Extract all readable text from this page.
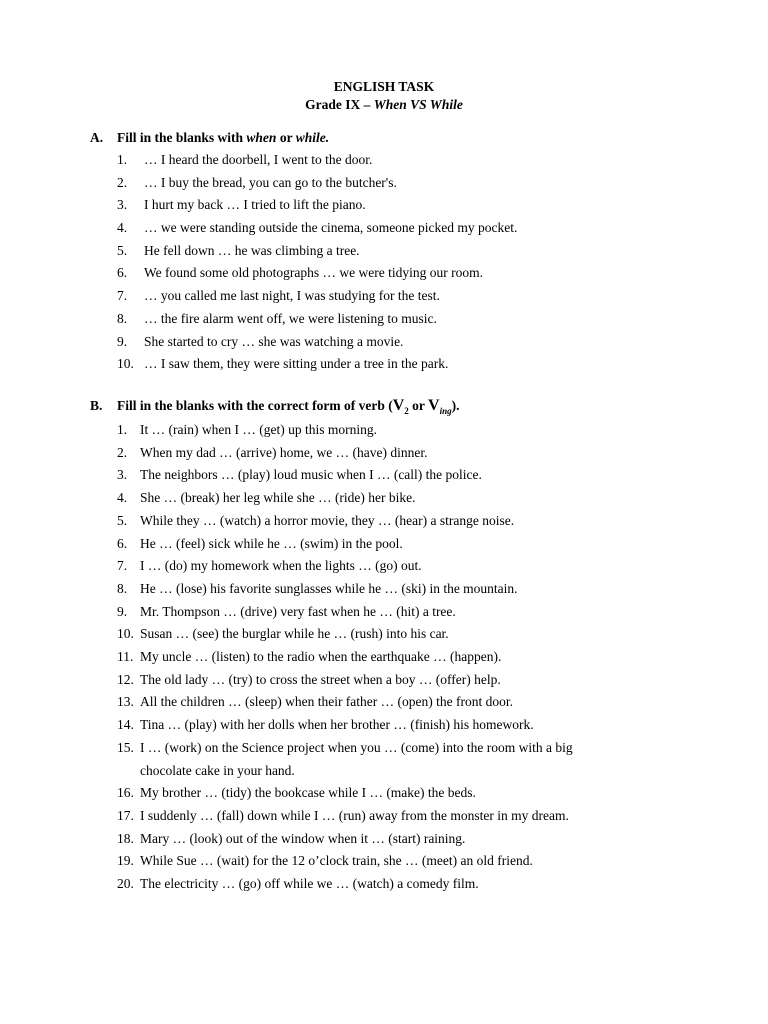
ENGLISH TASK
Grade IX – When VS While
A. Fill in the blanks with when or while.
1. … I heard the doorbell, I went to the door.
2. … I buy the bread, you can go to the butcher's.
3. I hurt my back … I tried to lift the piano.
4. … we were standing outside the cinema, someone picked my pocket.
5. He fell down … he was climbing a tree.
6. We found some old photographs … we were tidying our room.
7. … you called me last night, I was studying for the test.
8. … the fire alarm went off, we were listening to music.
9. She started to cry … she was watching a movie.
10. … I saw them, they were sitting under a tree in the park.
B. Fill in the blanks with the correct form of verb ($V_2$ or $V_{ing}$).
1. It … (rain) when I … (get) up this morning.
2. When my dad … (arrive) home, we … (have) dinner.
3. The neighbors … (play) loud music when I … (call) the police.
4. She … (break) her leg while she … (ride) her bike.
5. While they … (watch) a horror movie, they … (hear) a strange noise.
6. He … (feel) sick while he … (swim) in the pool.
7. I … (do) my homework when the lights … (go) out.
8. He … (lose) his favorite sunglasses while he … (ski) in the mountain.
9. Mr. Thompson … (drive) very fast when he … (hit) a tree.
10. Susan … (see) the burglar while he … (rush) into his car.
11. My uncle … (listen) to the radio when the earthquake … (happen).
12. The old lady … (try) to cross the street when a boy … (offer) help.
13. All the children … (sleep) when their father … (open) the front door.
14. Tina … (play) with her dolls when her brother … (finish) his homework.
15. I … (work) on the Science project when you … (come) into the room with a big chocolate cake in your hand.
16. My brother … (tidy) the bookcase while I … (make) the beds.
17. I suddenly … (fall) down while I … (run) away from the monster in my dream.
18. Mary … (look) out of the window when it … (start) raining.
19. While Sue … (wait) for the 12 o’clock train, she … (meet) an old friend.
20. The electricity … (go) off while we … (watch) a comedy film.
